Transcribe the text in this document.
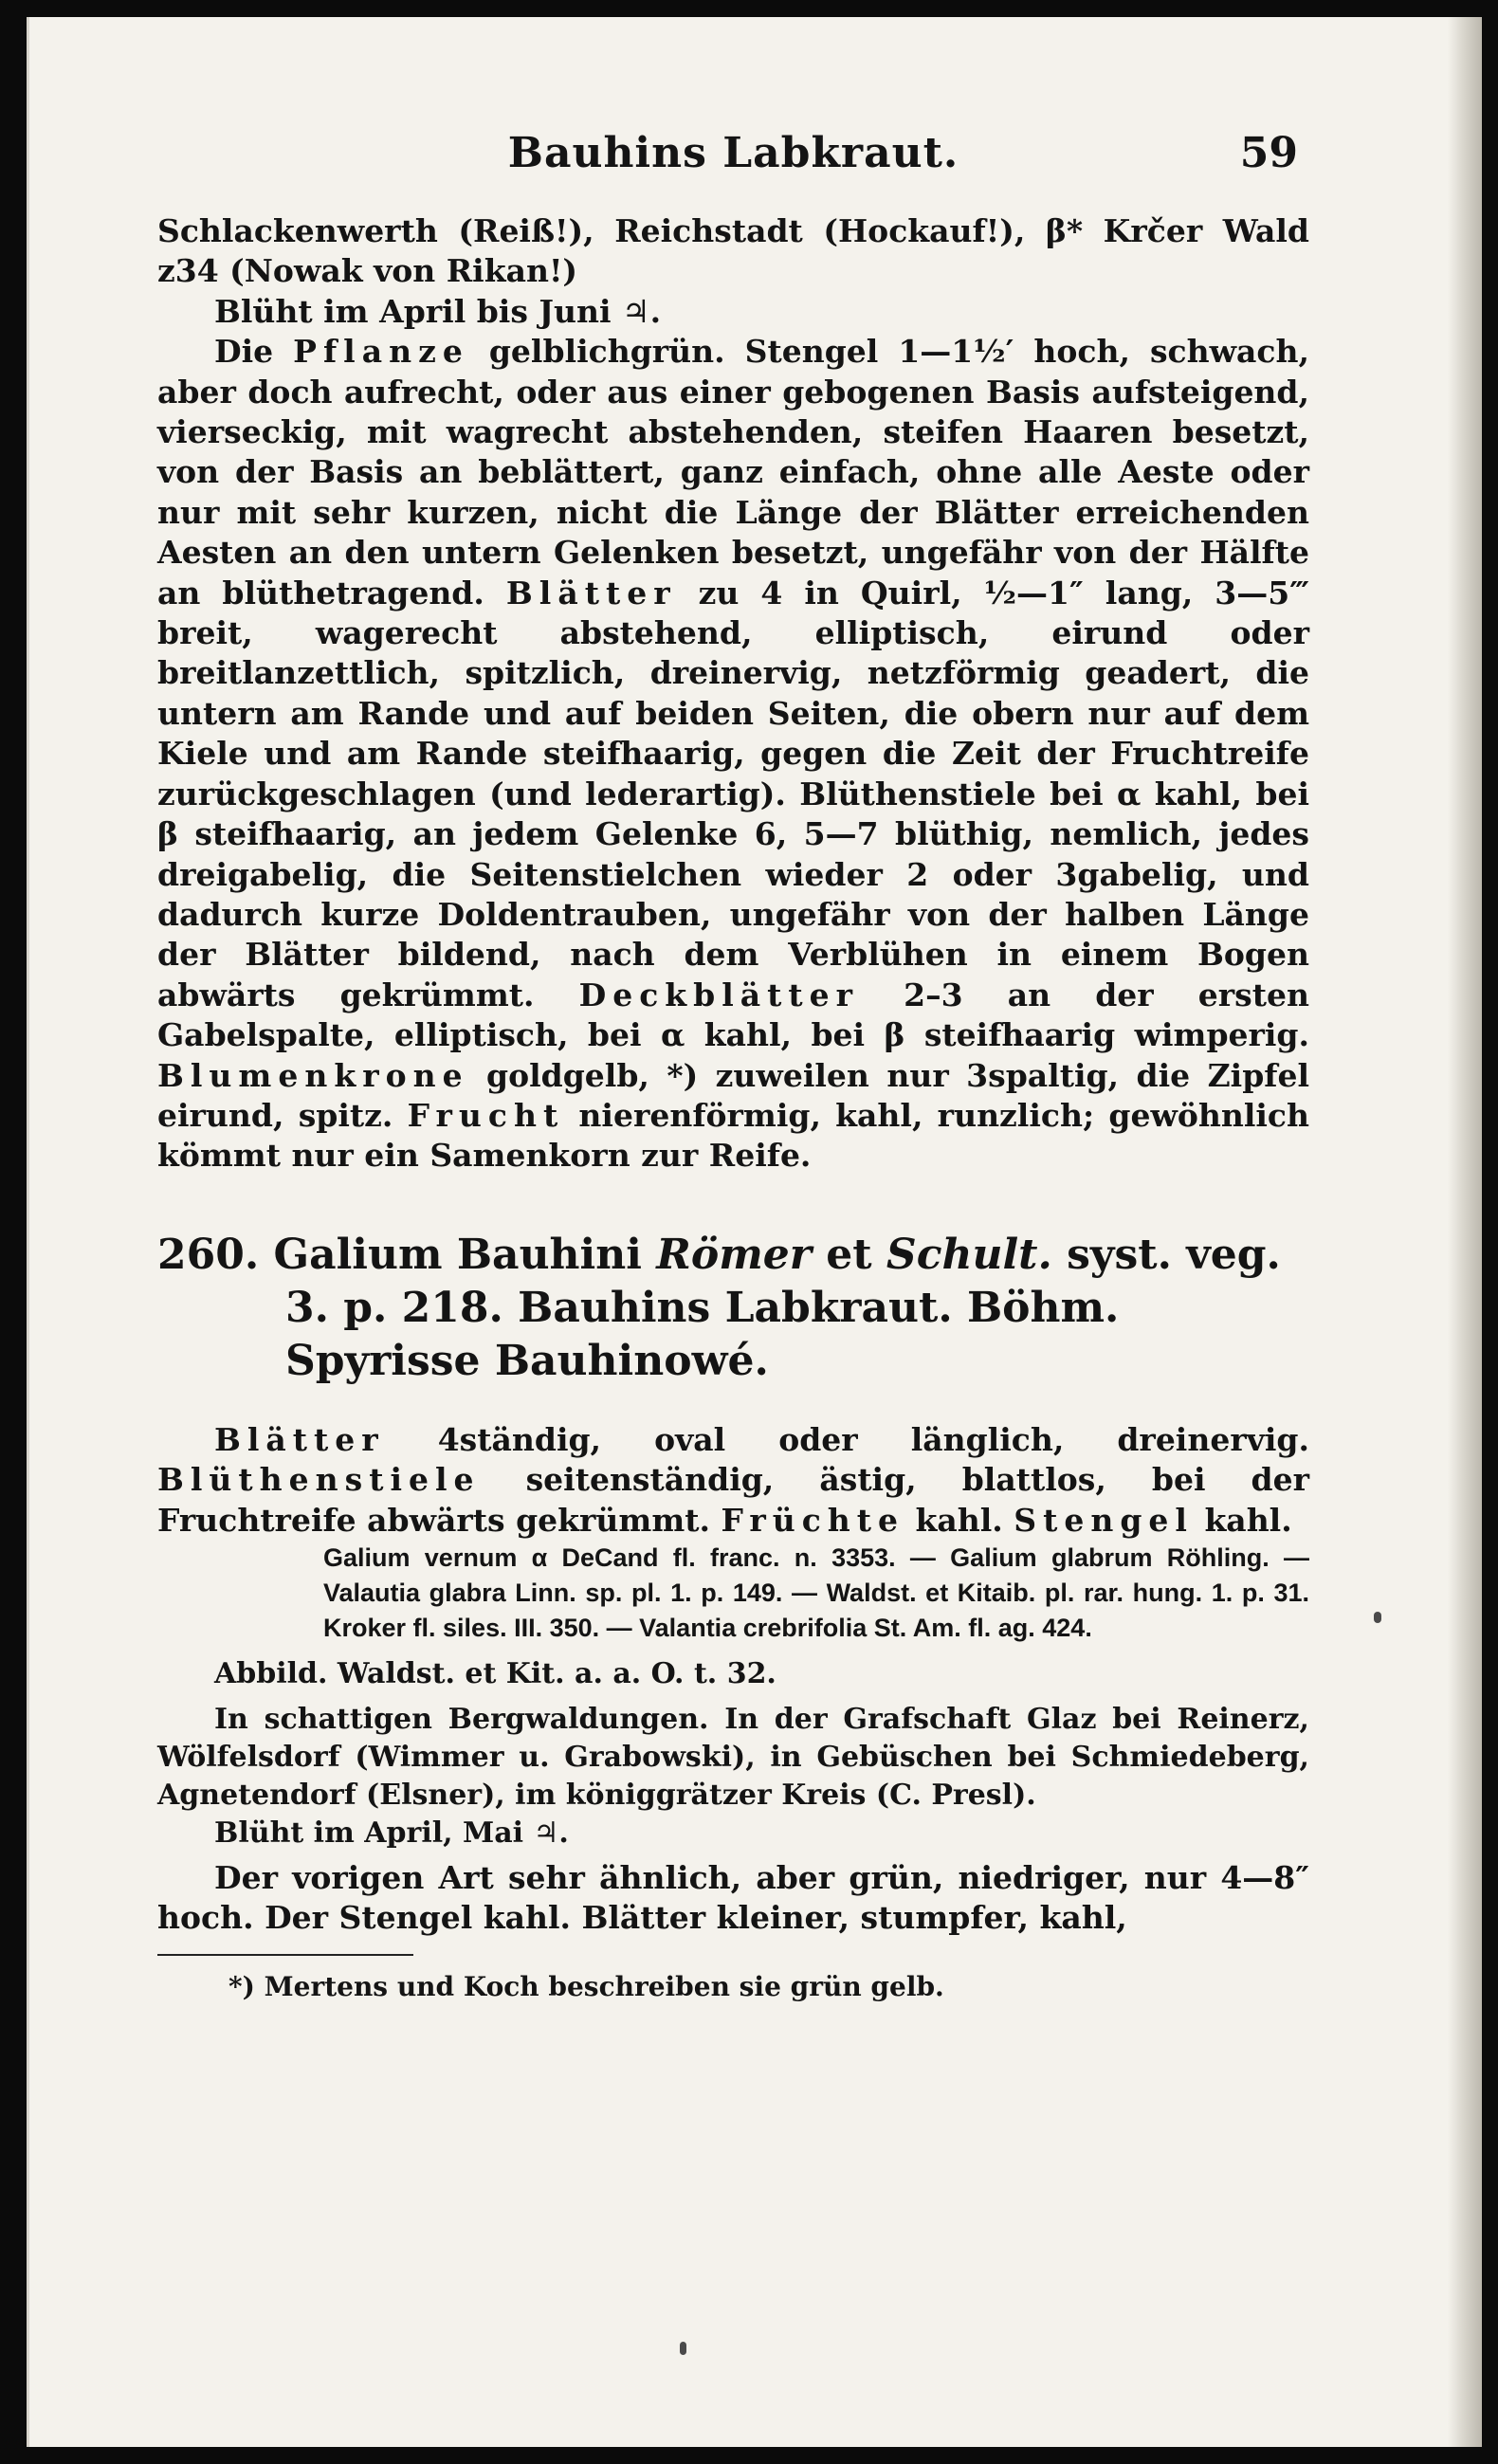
Bauhins Labkraut.	59

Schlackenwerth (Reiß!), Reichstadt (Hockauf!), β* Krčer Wald z34 (Nowak von Rikan!)

Blüht im April bis Juni ♃.

Die Pflanze gelblichgrün. Stengel 1—1½′ hoch, schwach, aber doch aufrecht, oder aus einer gebogenen Basis aufsteigend, vierseckig, mit wagrecht abstehenden, steifen Haaren besetzt, von der Basis an beblättert, ganz einfach, ohne alle Aeste oder nur mit sehr kurzen, nicht die Länge der Blätter erreichenden Aesten an den untern Gelenken besetzt, ungefähr von der Hälfte an blüthetragend. Blätter zu 4 in Quirl, ½—1″ lang, 3—5‴ breit, wagerecht abstehend, elliptisch, eirund oder breitlanzettlich, spitzlich, dreinervig, netzförmig geadert, die untern am Rande und auf beiden Seiten, die obern nur auf dem Kiele und am Rande steifhaarig, gegen die Zeit der Fruchtreife zurückgeschlagen (und lederartig). Blüthenstiele bei α kahl, bei β steifhaarig, an jedem Gelenke 6, 5—7 blüthig, nemlich, jedes dreigabelig, die Seitenstielchen wieder 2 oder 3gabelig, und dadurch kurze Doldentrauben, ungefähr von der halben Länge der Blätter bildend, nach dem Verblühen in einem Bogen abwärts gekrümmt. Deckblätter 2–3 an der ersten Gabelspalte, elliptisch, bei α kahl, bei β steifhaarig wimperig. Blumenkrone goldgelb, *) zuweilen nur 3spaltig, die Zipfel eirund, spitz. Frucht nierenförmig, kahl, runzlich; gewöhnlich kömmt nur ein Samenkorn zur Reife.

260. Galium Bauhini Römer et Schult. syst. veg. 3. p. 218. Bauhins Labkraut. Böhm. Spyrisse Bauhinowé.

Blätter 4ständig, oval oder länglich, dreinervig. Blüthenstiele seitenständig, ästig, blattlos, bei der Fruchtreife abwärts gekrümmt. Früchte kahl. Stengel kahl.

Galium vernum α DeCand fl. franc. n. 3353. — Galium glabrum Röhling. — Valautia glabra Linn. sp. pl. 1. p. 149. — Waldst. et Kitaib. pl. rar. hung. 1. p. 31. Kroker fl. siles. III. 350. — Valantia crebrifolia St. Am. fl. ag. 424.

Abbild. Waldst. et Kit. a. a. O. t. 32.

In schattigen Bergwaldungen. In der Grafschaft Glaz bei Reinerz, Wölfelsdorf (Wimmer u. Grabowski), in Gebüschen bei Schmiedeberg, Agnetendorf (Elsner), im königgrätzer Kreis (C. Presl).

Blüht im April, Mai ♃.

Der vorigen Art sehr ähnlich, aber grün, niedriger, nur 4—8″ hoch. Der Stengel kahl. Blätter kleiner, stumpfer, kahl,

*) Mertens und Koch beschreiben sie grün gelb.
